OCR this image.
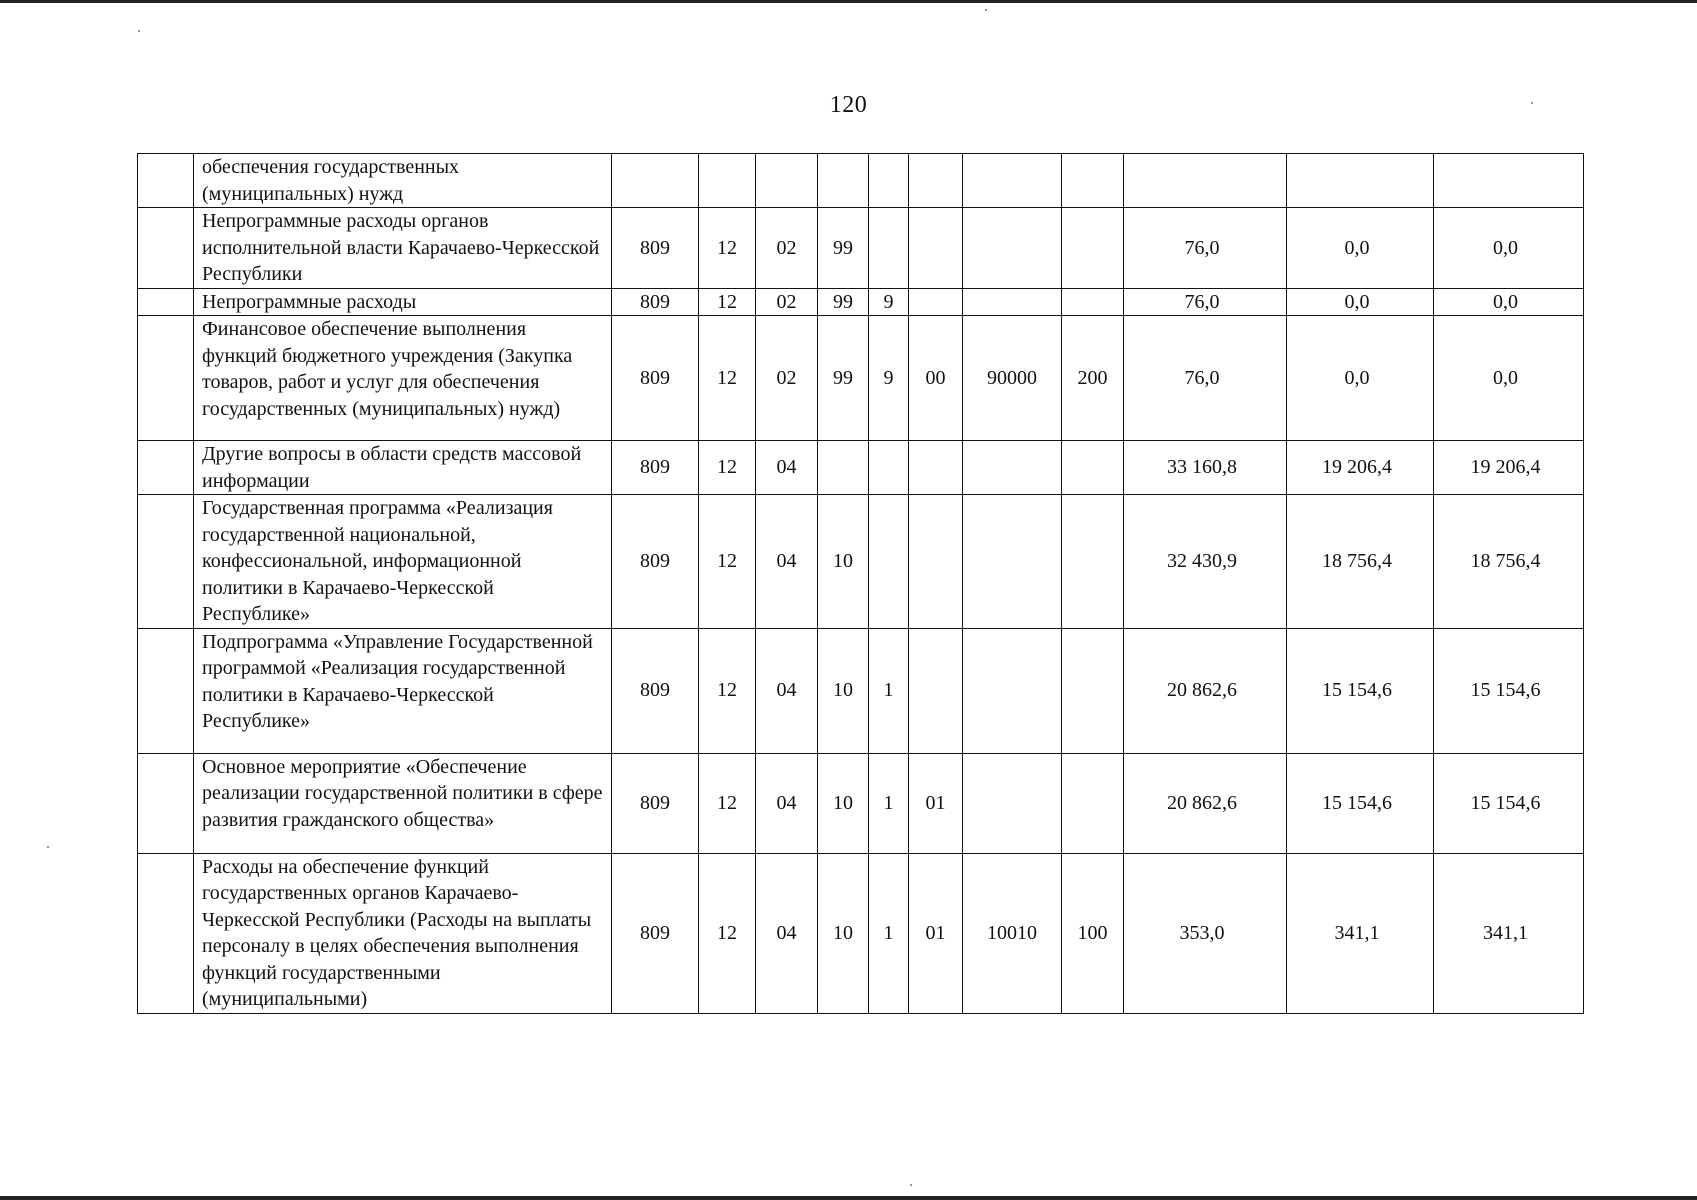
120
	обеспечения государственных (муниципальных) нужд											
	Непрограммные расходы органов исполнительной власти Карачаево-Черкесской Республики	809	12	02	99					76,0	0,0	0,0
	Непрограммные расходы	809	12	02	99	9				76,0	0,0	0,0
	Финансовое обеспечение выполнения функций бюджетного учреждения (Закупка товаров, работ и услуг для обеспечения государственных (муниципальных) нужд)	809	12	02	99	9	00	90000	200	76,0	0,0	0,0
	Другие вопросы в области средств массовой информации	809	12	04						33 160,8	19 206,4	19 206,4
	Государственная программа «Реализация государственной национальной, конфессиональной, информационной политики в Карачаево-Черкесской Республике»	809	12	04	10					32 430,9	18 756,4	18 756,4
	Подпрограмма «Управление Государственной программой «Реализация государственной политики в Карачаево-Черкесской Республике»	809	12	04	10	1				20 862,6	15 154,6	15 154,6
	Основное мероприятие «Обеспечение реализации государственной политики в сфере развития гражданского общества»	809	12	04	10	1	01			20 862,6	15 154,6	15 154,6
	Расходы на обеспечение функций государственных органов Карачаево-Черкесской Республики (Расходы на выплаты персоналу в целях обеспечения выполнения функций государственными (муниципальными)	809	12	04	10	1	01	10010	100	353,0	341,1	341,1
